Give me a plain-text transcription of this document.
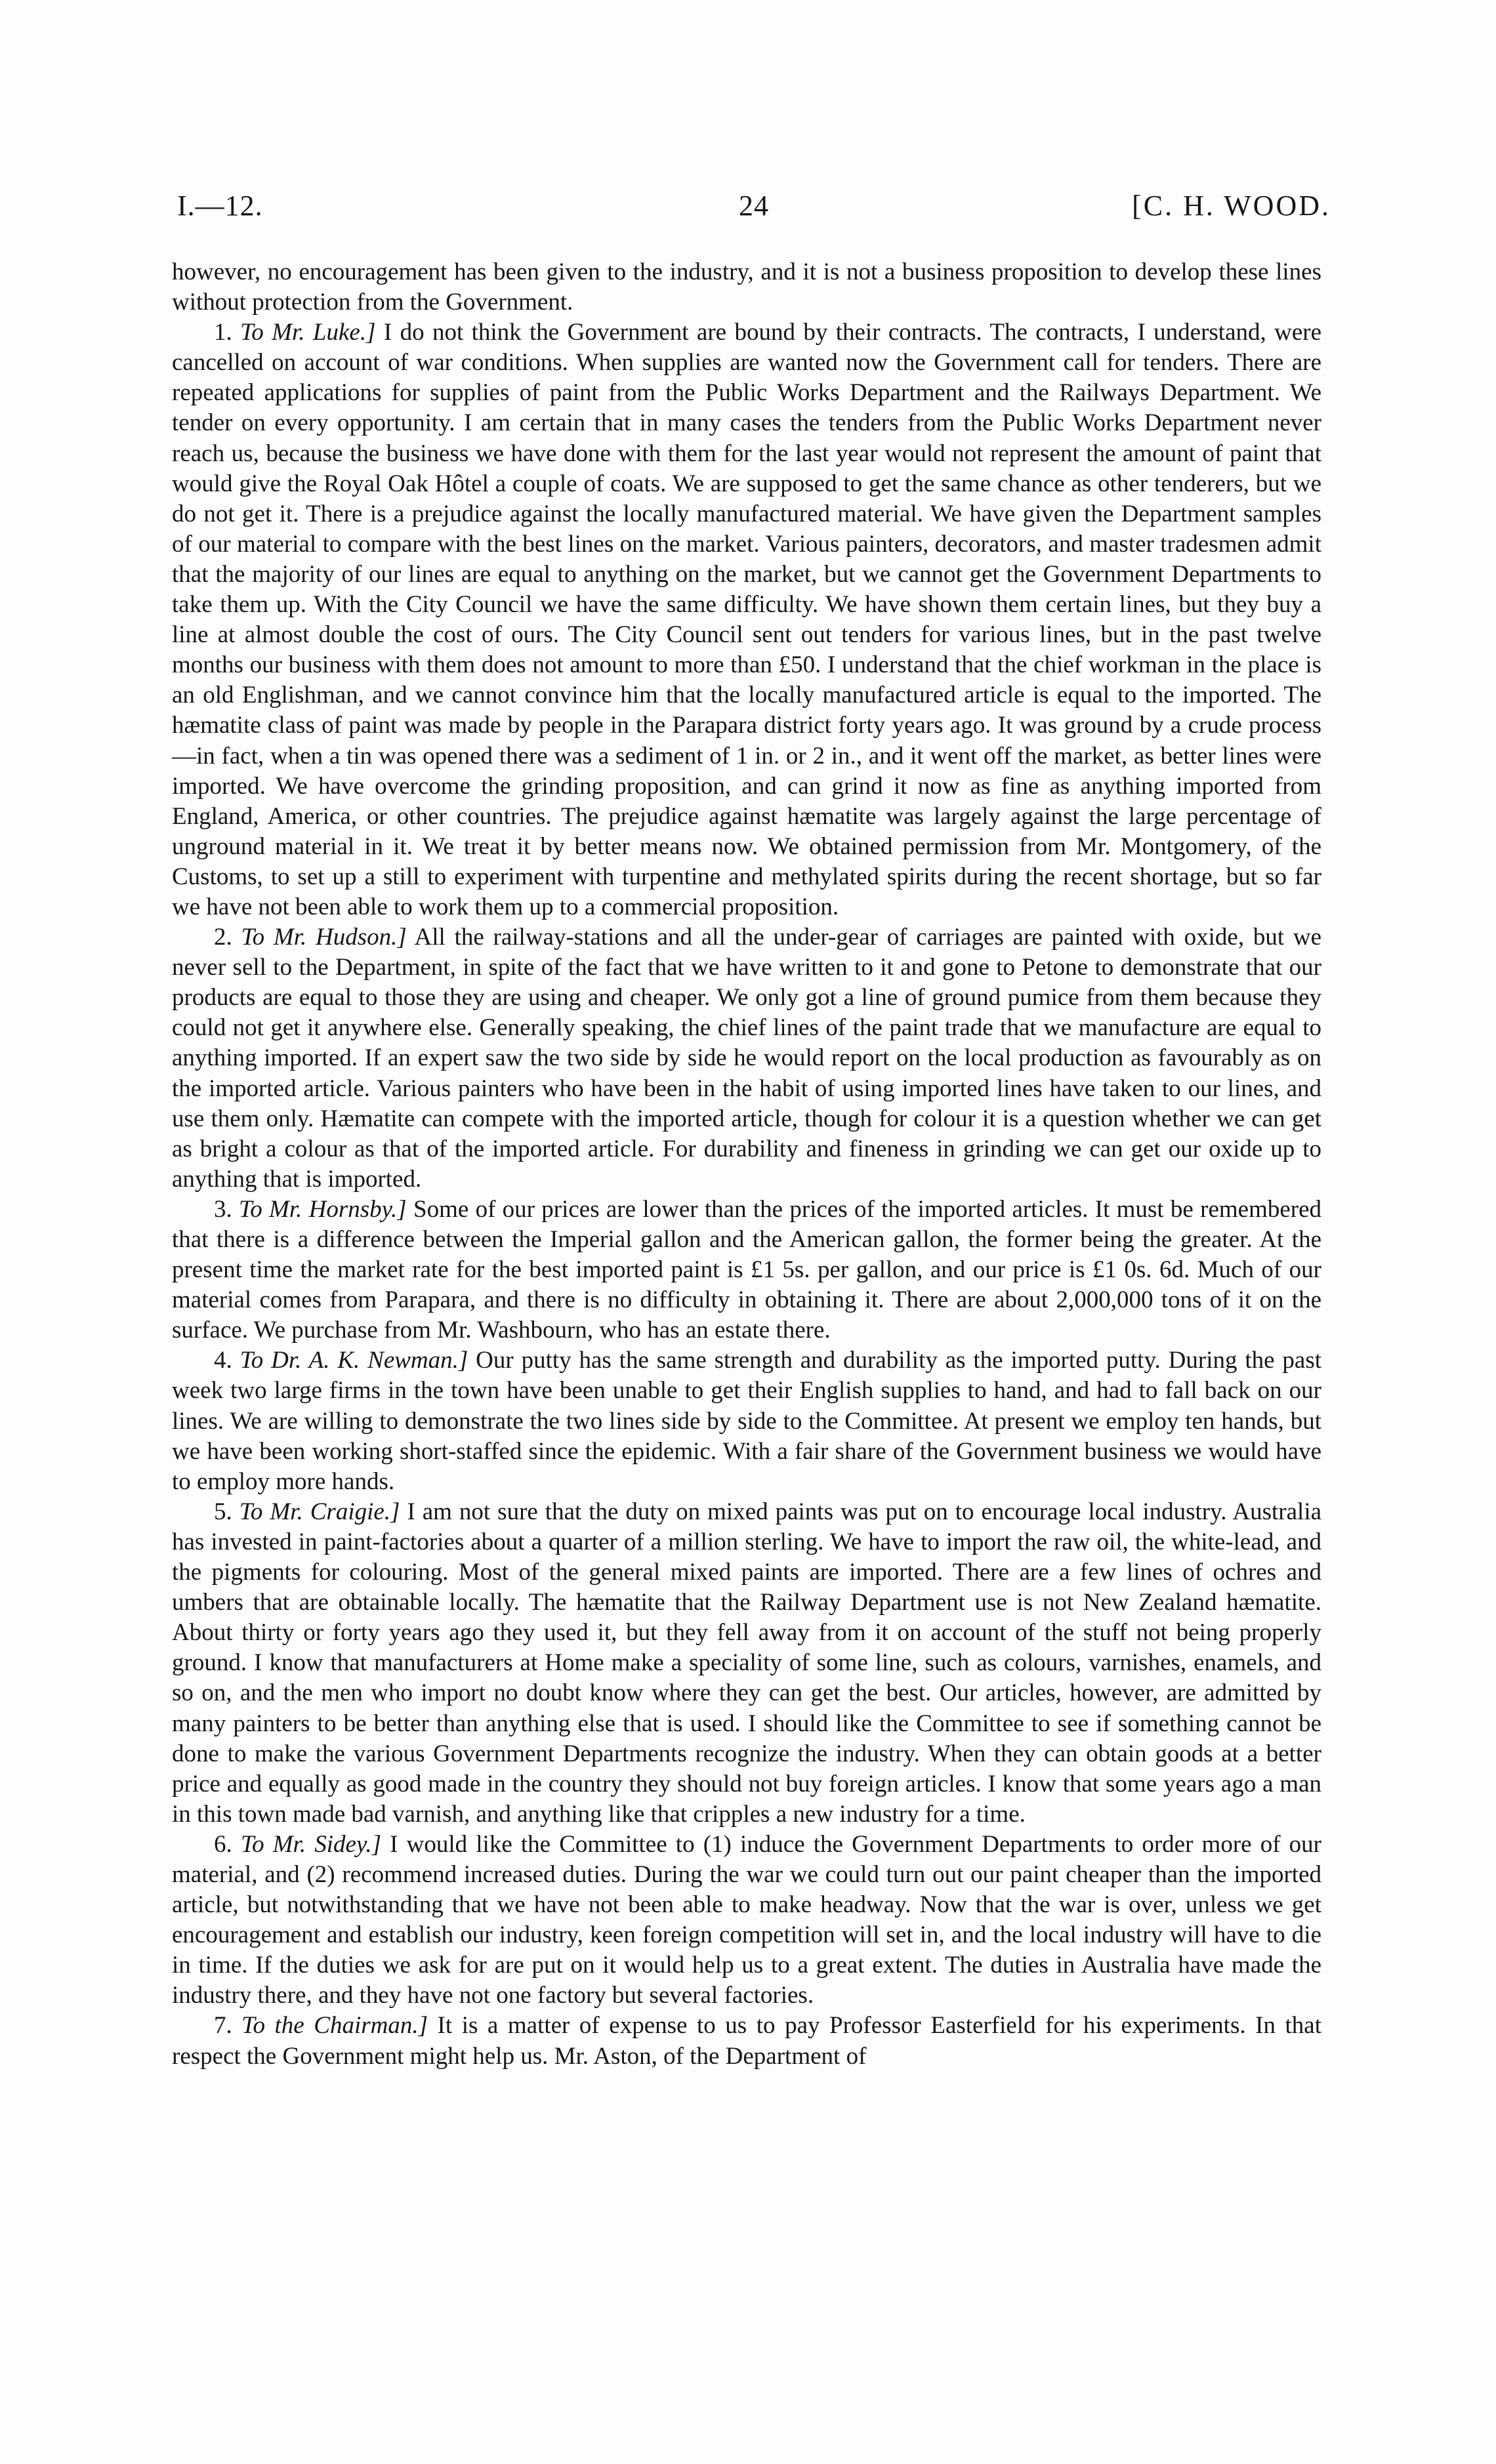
I.—12.	24	[C. H. WOOD.

however, no encouragement has been given to the industry, and it is not a business proposition to develop these lines without protection from the Government.

1. To Mr. Luke.] I do not think the Government are bound by their contracts. The contracts, I understand, were cancelled on account of war conditions. When supplies are wanted now the Government call for tenders. There are repeated applications for supplies of paint from the Public Works Department and the Railways Department. We tender on every opportunity. I am certain that in many cases the tenders from the Public Works Department never reach us, because the business we have done with them for the last year would not represent the amount of paint that would give the Royal Oak Hôtel a couple of coats. We are supposed to get the same chance as other tenderers, but we do not get it. There is a prejudice against the locally manufactured material. We have given the Department samples of our material to compare with the best lines on the market. Various painters, decorators, and master tradesmen admit that the majority of our lines are equal to anything on the market, but we cannot get the Government Departments to take them up. With the City Council we have the same difficulty. We have shown them certain lines, but they buy a line at almost double the cost of ours. The City Council sent out tenders for various lines, but in the past twelve months our business with them does not amount to more than £50. I understand that the chief workman in the place is an old Englishman, and we cannot convince him that the locally manufactured article is equal to the imported. The hæmatite class of paint was made by people in the Parapara district forty years ago. It was ground by a crude process—in fact, when a tin was opened there was a sediment of 1 in. or 2 in., and it went off the market, as better lines were imported. We have overcome the grinding proposition, and can grind it now as fine as anything imported from England, America, or other countries. The prejudice against hæmatite was largely against the large percentage of unground material in it. We treat it by better means now. We obtained permission from Mr. Montgomery, of the Customs, to set up a still to experiment with turpentine and methylated spirits during the recent shortage, but so far we have not been able to work them up to a commercial proposition.

2. To Mr. Hudson.] All the railway-stations and all the under-gear of carriages are painted with oxide, but we never sell to the Department, in spite of the fact that we have written to it and gone to Petone to demonstrate that our products are equal to those they are using and cheaper. We only got a line of ground pumice from them because they could not get it anywhere else. Generally speaking, the chief lines of the paint trade that we manufacture are equal to anything imported. If an expert saw the two side by side he would report on the local production as favourably as on the imported article. Various painters who have been in the habit of using imported lines have taken to our lines, and use them only. Hæmatite can compete with the imported article, though for colour it is a question whether we can get as bright a colour as that of the imported article. For durability and fineness in grinding we can get our oxide up to anything that is imported.

3. To Mr. Hornsby.] Some of our prices are lower than the prices of the imported articles. It must be remembered that there is a difference between the Imperial gallon and the American gallon, the former being the greater. At the present time the market rate for the best imported paint is £1 5s. per gallon, and our price is £1 0s. 6d. Much of our material comes from Parapara, and there is no difficulty in obtaining it. There are about 2,000,000 tons of it on the surface. We purchase from Mr. Washbourn, who has an estate there.

4. To Dr. A. K. Newman.] Our putty has the same strength and durability as the imported putty. During the past week two large firms in the town have been unable to get their English supplies to hand, and had to fall back on our lines. We are willing to demonstrate the two lines side by side to the Committee. At present we employ ten hands, but we have been working short-staffed since the epidemic. With a fair share of the Government business we would have to employ more hands.

5. To Mr. Craigie.] I am not sure that the duty on mixed paints was put on to encourage local industry. Australia has invested in paint-factories about a quarter of a million sterling. We have to import the raw oil, the white-lead, and the pigments for colouring. Most of the general mixed paints are imported. There are a few lines of ochres and umbers that are obtainable locally. The hæmatite that the Railway Department use is not New Zealand hæmatite. About thirty or forty years ago they used it, but they fell away from it on account of the stuff not being properly ground. I know that manufacturers at Home make a speciality of some line, such as colours, varnishes, enamels, and so on, and the men who import no doubt know where they can get the best. Our articles, however, are admitted by many painters to be better than anything else that is used. I should like the Committee to see if something cannot be done to make the various Government Departments recognize the industry. When they can obtain goods at a better price and equally as good made in the country they should not buy foreign articles. I know that some years ago a man in this town made bad varnish, and anything like that cripples a new industry for a time.

6. To Mr. Sidey.] I would like the Committee to (1) induce the Government Departments to order more of our material, and (2) recommend increased duties. During the war we could turn out our paint cheaper than the imported article, but notwithstanding that we have not been able to make headway. Now that the war is over, unless we get encouragement and establish our industry, keen foreign competition will set in, and the local industry will have to die in time. If the duties we ask for are put on it would help us to a great extent. The duties in Australia have made the industry there, and they have not one factory but several factories.

7. To the Chairman.] It is a matter of expense to us to pay Professor Easterfield for his experiments. In that respect the Government might help us. Mr. Aston, of the Department of
